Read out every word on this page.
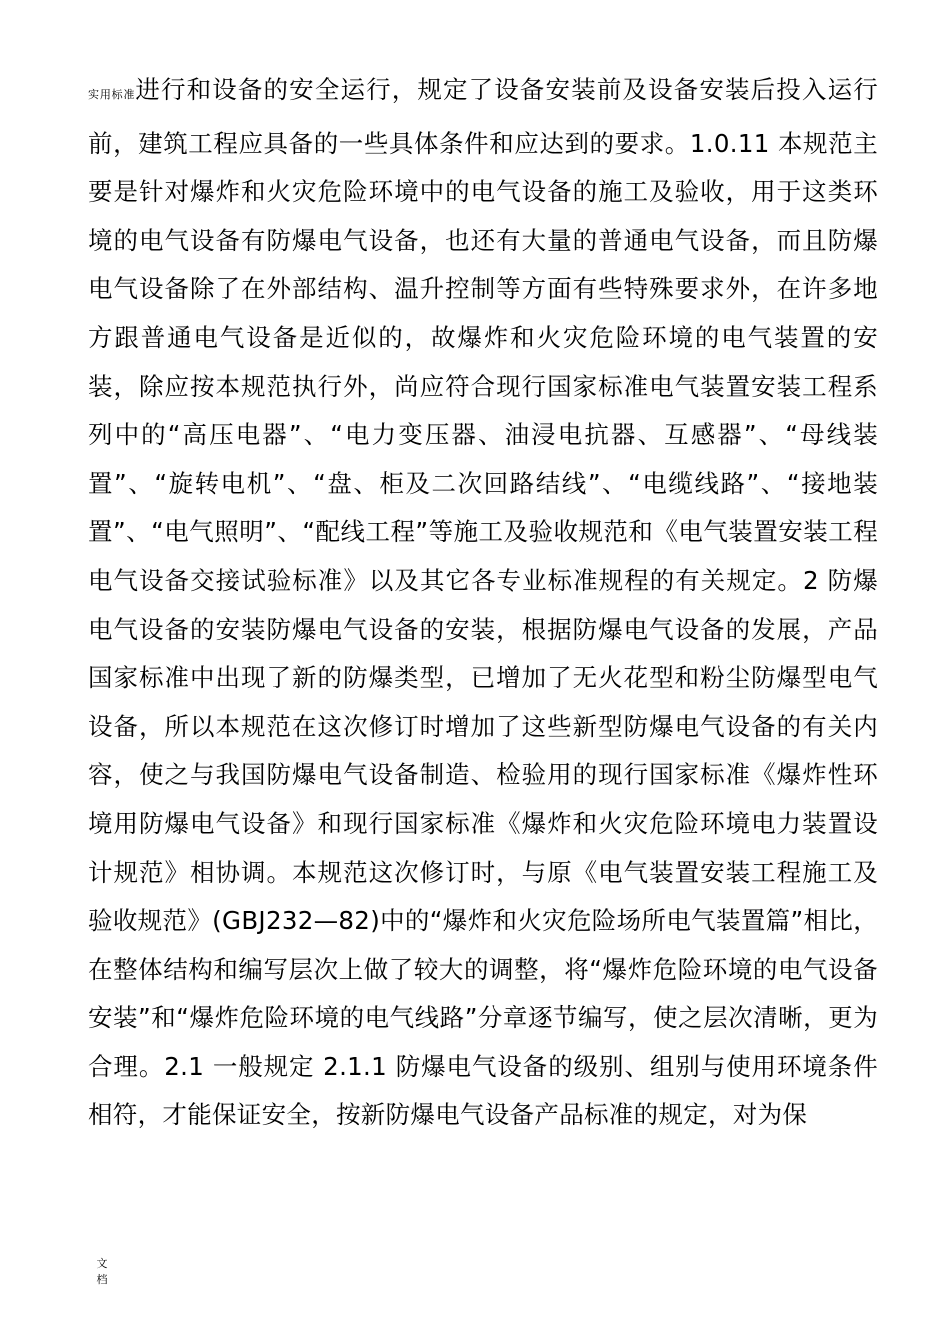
实用标准进行和设备的安全运行，规定了设备安装前及设备安装后投入运行前，建筑工程应具备的一些具体条件和应达到的要求。1.0.11 本规范主要是针对爆炸和火灾危险环境中的电气设备的施工及验收，用于这类环境的电气设备有防爆电气设备，也还有大量的普通电气设备，而且防爆电气设备除了在外部结构、温升控制等方面有些特殊要求外，在许多地方跟普通电气设备是近似的，故爆炸和火灾危险环境的电气装置的安装，除应按本规范执行外，尚应符合现行国家标准电气装置安装工程系列中的“高压电器”、“电力变压器、油浸电抗器、互感器”、“母线装置”、“旋转电机”、“盘、柜及二次回路结线”、“电缆线路”、“接地装置”、“电气照明”、“配线工程”等施工及验收规范和《电气装置安装工程电气设备交接试验标准》以及其它各专业标准规程的有关规定。2 防爆电气设备的安装防爆电气设备的安装，根据防爆电气设备的发展，产品国家标准中出现了新的防爆类型，已增加了无火花型和粉尘防爆型电气设备，所以本规范在这次修订时增加了这些新型防爆电气设备的有关内容，使之与我国防爆电气设备制造、检验用的现行国家标准《爆炸性环境用防爆电气设备》和现行国家标准《爆炸和火灾危险环境电力装置设计规范》相协调。本规范这次修订时，与原《电气装置安装工程施工及验收规范》(GBJ232—82)中的“爆炸和火灾危险场所电气装置篇”相比，在整体结构和编写层次上做了较大的调整，将“爆炸危险环境的电气设备安装”和“爆炸危险环境的电气线路”分章逐节编写，使之层次清晰，更为合理。2.1 一般规定 2.1.1 防爆电气设备的级别、组别与使用环境条件相符，才能保证安全，按新防爆电气设备产品标准的规定，对为保

文档
